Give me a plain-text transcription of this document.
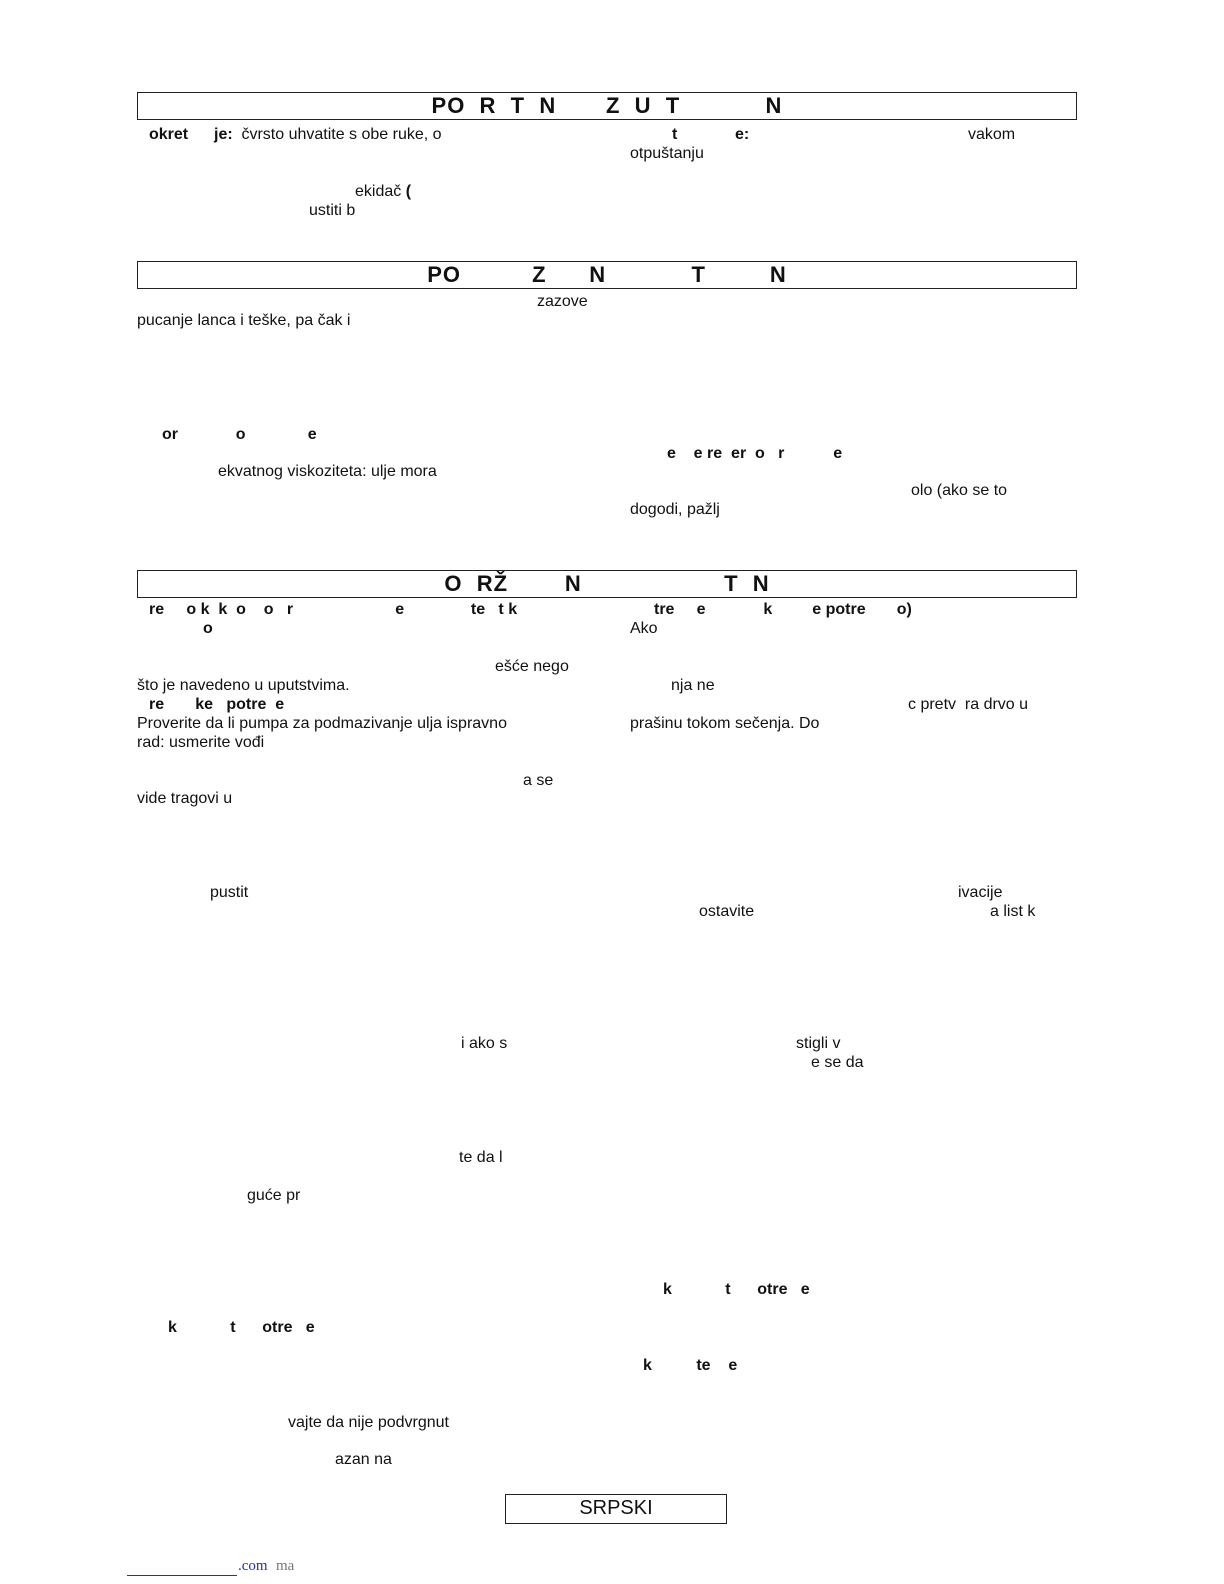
PO  R  T  N       Z  U  T            N
okret je: čvrsto uhvatite s obe ruke, o	t	e:	vakom
otpuštanju
ekidač (
ustiti b
PO          Z      N            T         N
zazove
pucanje lanca i teške, pa čak i
or             o              e
e    e re  er  o   r           e
ekvatnog viskoziteta: ulje mora
olo (ako se to
dogodi, pažlj
O  RŽ        N                    T  N
re     o k  k  o    o   r                       e               te   t k	tre     e             k         e potre       o)
o	Ako
ešće nego
što je navedeno u uputstvima.	nja ne
re       ke   potre  e	c pretv  ra drvo u
Proverite da li pumpa za podmazivanje ulja ispravno	prašinu tokom sečenja. Do
rad: usmerite vođi
a se
vide tragovi u
pustit	ivacije
ostavite	a list k
i ako s	stigli v
e se da
te da l
guće pr
k            t      otre   e
k            t      otre   e
k          te    e
vajte da nije podvrgnut
azan na
SRPSKI
.com ma
